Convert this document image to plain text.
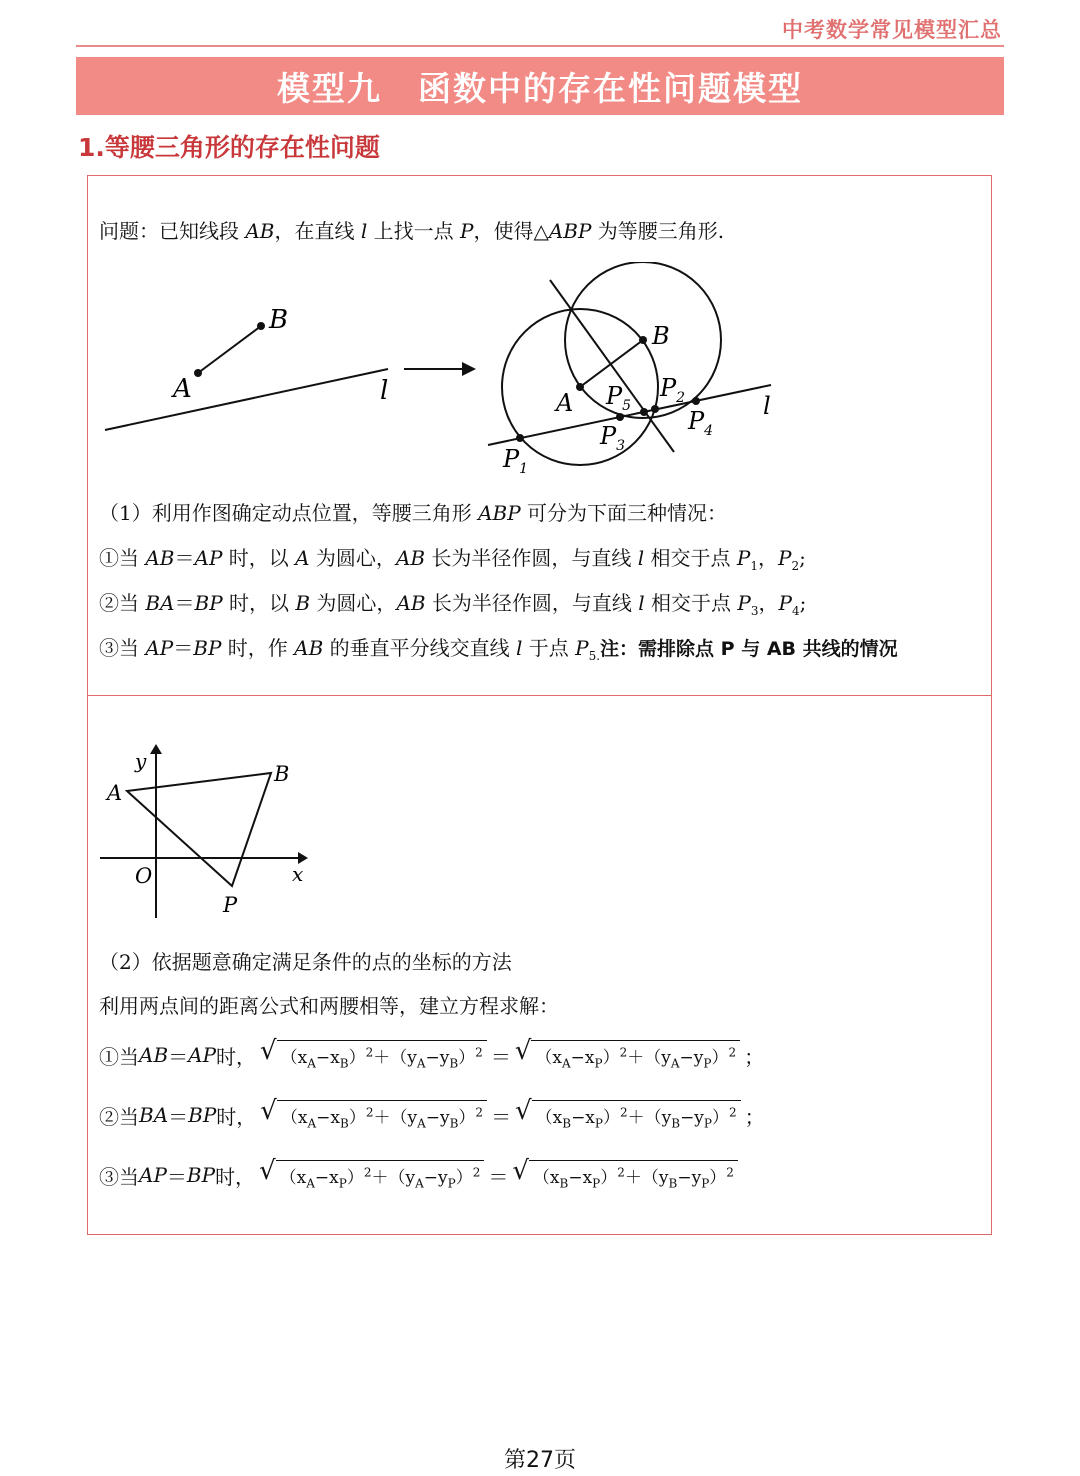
中考数学常见模型汇总
模型九 函数中的存在性问题模型
1.等腰三角形的存在性问题
问题：已知线段 AB，在直线 l 上找一点 P，使得△ABP 为等腰三角形.
A
B
l	A
B
l
$P_1$
$P_2$
$P_3$
$P_4$
$P_5$
（1）利用作图确定动点位置，等腰三角形 ABP 可分为下面三种情况：
①当 AB＝AP 时，以 A 为圆心，AB 长为半径作圆，与直线 l 相交于点 $P_1$，$P_2$;
②当 BA＝BP 时，以 B 为圆心，AB 长为半径作圆，与直线 l 相交于点 $P_3$，$P_4$;
③当 AP＝BP 时，作 AB 的垂直平分线交直线 l 于点 $P_{5.}$注：需排除点 P 与 AB 共线的情况
y
A
B
O	x
P
（2）依据题意确定满足条件的点的坐标的方法
利用两点间的距离公式和两腰相等，建立方程求解：
①当 AB ＝ AP 时， √ $(x_A-x_B)^2+(y_A-y_B)^2$ ＝ √ $(x_A-x_P)^2+(y_A-y_P)^2$ ；
②当 BA ＝ BP 时， √ $(x_A-x_B)^2+(y_A-y_B)^2$ ＝ √ $(x_B-x_P)^2+(y_B-y_P)^2$ ；
③当 AP ＝ BP 时， √ $(x_A-x_P)^2+(y_A-y_P)^2$ ＝ √ $(x_B-x_P)^2+(y_B-y_P)^2$
第27页
